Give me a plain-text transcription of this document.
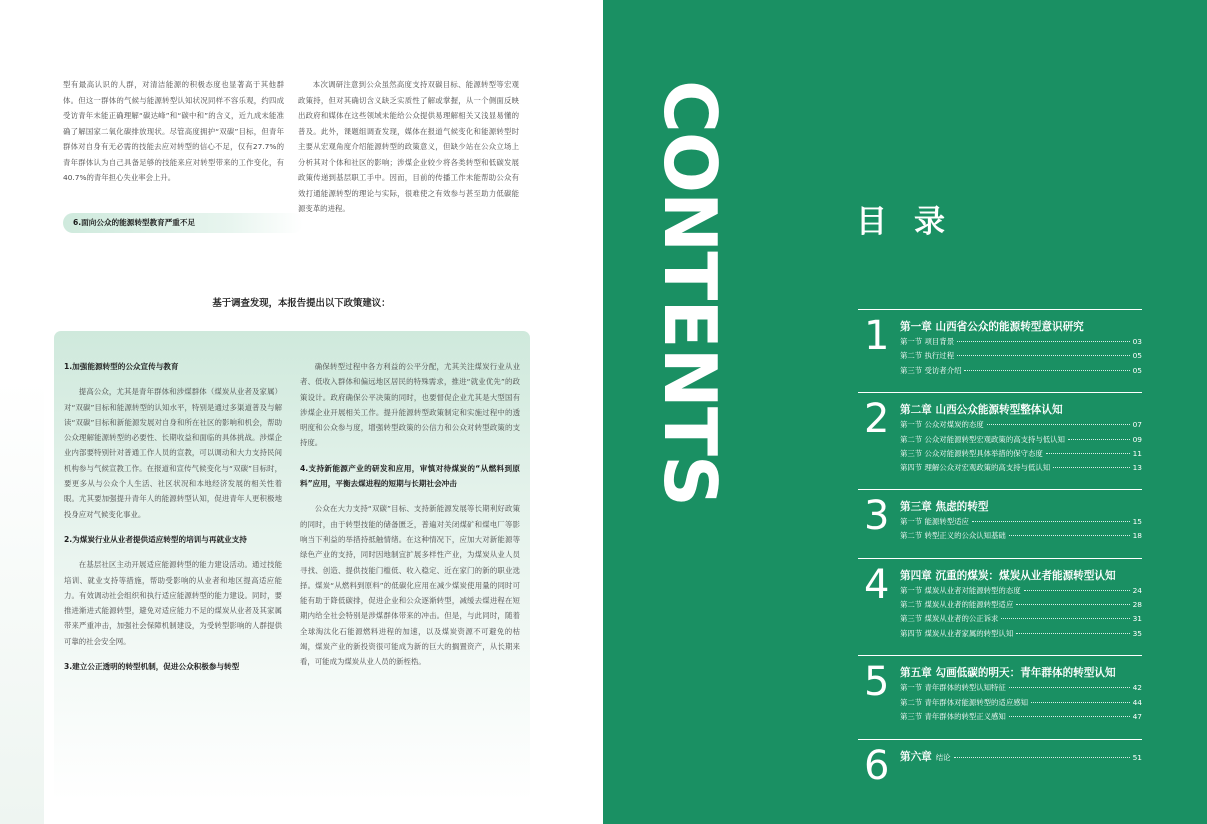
型有最高认识的人群，对清洁能源的积极态度也显著高于其他群体。但这一群体的气候与能源转型认知状况同样不容乐观，约四成受访青年未能正确理解“碳达峰”和“碳中和”的含义，近九成未能准确了解国家二氧化碳排放现状。尽管高度拥护“双碳”目标，但青年群体对自身有无必需的技能去应对转型的信心不足，仅有27.7%的青年群体认为自己具备足够的技能来应对转型带来的工作变化，有40.7%的青年担心失业率会上升。

6.面向公众的能源转型教育严重不足

本次调研注意到公众虽然高度支持双碳目标、能源转型等宏观政策持，但对其确切含义缺乏实质性了解或掌握，从一个侧面反映出政府和媒体在这些领域未能给公众提供易理解相关又浅显易懂的普及。此外，课题组调查发现，媒体在报道气候变化和能源转型时主要从宏观角度介绍能源转型的政策意义，但缺少站在公众立场上分析其对个体和社区的影响；涉煤企业较少将各类转型和低碳发展政策传递到基层职工手中。因而，目前的传播工作未能帮助公众有效打通能源转型的理论与实际，很难使之有效参与甚至助力低碳能源变革的进程。

基于调查发现，本报告提出以下政策建议：
1.加强能源转型的公众宣传与教育

提高公众，尤其是青年群体和涉煤群体（煤炭从业者及家属）对“双碳”目标和能源转型的认知水平，特别是通过多渠道普及与解读“双碳”目标和新能源发展对自身和所在社区的影响和机会，帮助公众理解能源转型的必要性、长期收益和面临的具体挑战。涉煤企业内部要特别针对普通工作人员的宣教，可以调动和大力支持民间机构参与气候宣教工作。在报道和宣传气候变化与“双碳”目标时，要更多从与公众个人生活、社区状况和本地经济发展的相关性着眼。尤其要加强提升青年人的能源转型认知，促进青年人更积极地投身应对气候变化事业。

2.为煤炭行业从业者提供适应转型的培训与再就业支持

在基层社区主动开展适应能源转型的能力建设活动。通过技能培训、就业支持等措施，帮助受影响的从业者和地区提高适应能力。有效调动社会组织和执行适应能源转型的能力建设。同时，要推进渐进式能源转型，避免对适应能力不足的煤炭从业者及其家属带来严重冲击，加强社会保障机制建设，为受转型影响的人群提供可靠的社会安全网。

3.建立公正透明的转型机制，促进公众积极参与转型

确保转型过程中各方利益的公平分配，尤其关注煤炭行业从业者、低收入群体和偏远地区居民的特殊需求，推进“就业优先”的政策设计。政府确保公平决策的同时，也要督促企业尤其是大型国有涉煤企业开展相关工作。提升能源转型政策制定和实施过程中的透明度和公众参与度，增强转型政策的公信力和公众对转型政策的支持度。

4.支持新能源产业的研发和应用，审慎对待煤炭的“从燃料到原料”应用，平衡去煤进程的短期与长期社会冲击

公众在大力支持“双碳”目标、支持新能源发展等长期利好政策的同时，由于转型技能的储备匮乏，普遍对关闭煤矿和煤电厂等影响当下利益的举措持抵触情绪。在这种情况下，应加大对新能源等绿色产业的支持，同时因地制宜扩展多样性产业，为煤炭从业人员寻找、创造、提供技能门槛低、收入稳定、近在家门的新的职业选择。煤炭“从燃料到原料”的低碳化应用在减少煤炭使用量的同时可能有助于降低碳排，促进企业和公众逐渐转型，减缓去煤进程在短期内给全社会特别是涉煤群体带来的冲击。但是，与此同时，随着全球淘汰化石能源燃料进程的加速，以及煤炭资源不可避免的枯竭，煤炭产业的新投资很可能成为新的巨大的搁置资产，从长期来看，可能成为煤炭从业人员的新桎梏。

CONTENTS	目录
1 第一章 山西省公众的能源转型意识研究
第一节 项目背景	03
第二节 执行过程	05
第三节 受访者介绍	05
2 第二章 山西公众能源转型整体认知
第一节 公众对煤炭的态度	07
第二节 公众对能源转型宏观政策的高支持与低认知	09
第三节 公众对能源转型具体举措的保守态度	11
第四节 理解公众对宏观政策的高支持与低认知	13
3 第三章 焦虑的转型
第一节 能源转型适应	15
第二节 转型正义的公众认知基础	18
4 第四章 沉重的煤炭：煤炭从业者能源转型认知
第一节 煤炭从业者对能源转型的态度	24
第二节 煤炭从业者的能源转型适应	28
第三节 煤炭从业者的公正诉求	31
第四节 煤炭从业者家属的转型认知	35
5 第五章 勾画低碳的明天：青年群体的转型认知
第一节 青年群体的转型认知特征	42
第二节 青年群体对能源转型的适应感知	44
第三节 青年群体的转型正义感知	47
6 第六章 结论	51
